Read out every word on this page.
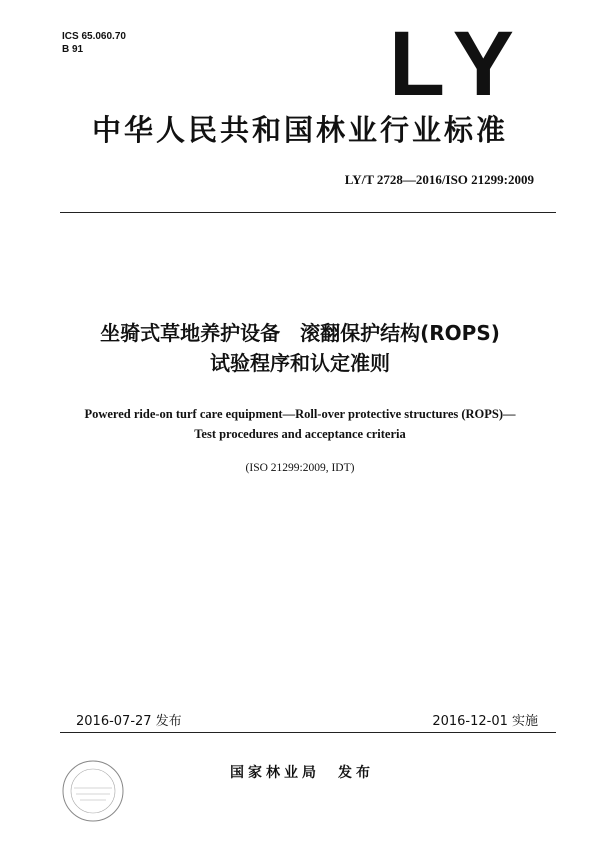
ICS 65.060.70
B 91	LY
中华人民共和国林业行业标准
LY/T 2728—2016/ISO 21299:2009
坐骑式草地养护设备　滚翻保护结构(ROPS)
试验程序和认定准则
Powered ride-on turf care equipment—Roll-over protective structures (ROPS)—
Test procedures and acceptance criteria
(ISO 21299:2009, IDT)
2016-07-27 发布	2016-12-01 实施
国家林业局　发布
